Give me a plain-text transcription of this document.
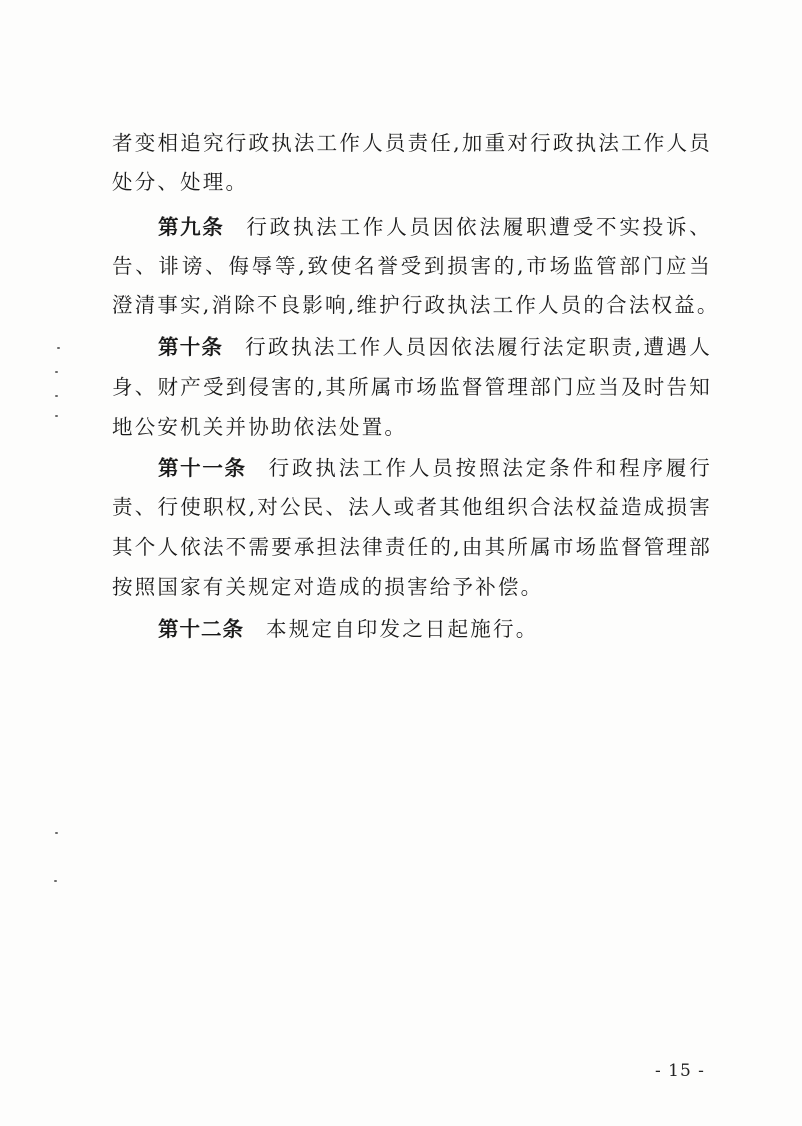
者变相追究行政执法工作人员责任,加重对行政执法工作人员
处分、处理。
第九条 行政执法工作人员因依法履职遭受不实投诉、
告、诽谤、侮辱等,致使名誉受到损害的,市场监管部门应当
澄清事实,消除不良影响,维护行政执法工作人员的合法权益。
第十条 行政执法工作人员因依法履行法定职责,遭遇人
身、财产受到侵害的,其所属市场监督管理部门应当及时告知
地公安机关并协助依法处置。
第十一条 行政执法工作人员按照法定条件和程序履行
责、行使职权,对公民、法人或者其他组织合法权益造成损害
其个人依法不需要承担法律责任的,由其所属市场监督管理部
按照国家有关规定对造成的损害给予补偿。
第十二条 本规定自印发之日起施行。
- 15 -
